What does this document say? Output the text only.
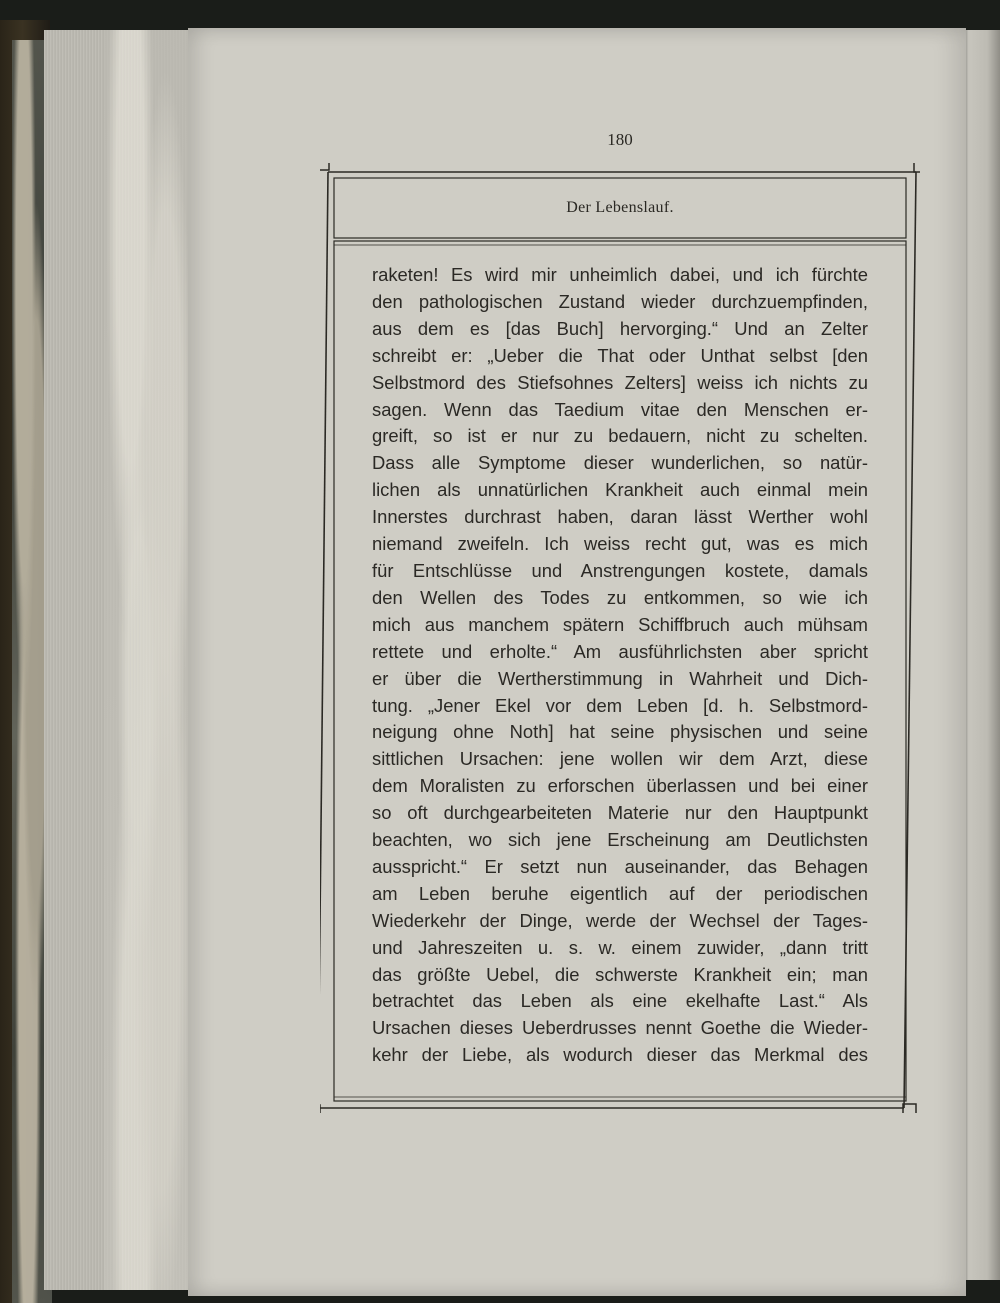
180
Der Lebenslauf.
raketen! Es wird mir unheimlich dabei, und ich fürchte
den pathologischen Zustand wieder durchzuempfinden,
aus dem es [das Buch] hervorging.“ Und an Zelter
schreibt er: „Ueber die That oder Unthat selbst [den
Selbstmord des Stiefsohnes Zelters] weiss ich nichts zu
sagen. Wenn das Taedium vitae den Menschen er-
greift, so ist er nur zu bedauern, nicht zu schelten.
Dass alle Symptome dieser wunderlichen, so natür-
lichen als unnatürlichen Krankheit auch einmal mein
Innerstes durchrast haben, daran lässt Werther wohl
niemand zweifeln. Ich weiss recht gut, was es mich
für Entschlüsse und Anstrengungen kostete, damals
den Wellen des Todes zu entkommen, so wie ich
mich aus manchem spätern Schiffbruch auch mühsam
rettete und erholte.“ Am ausführlichsten aber spricht
er über die Wertherstimmung in Wahrheit und Dich-
tung. „Jener Ekel vor dem Leben [d. h. Selbstmord-
neigung ohne Noth] hat seine physischen und seine
sittlichen Ursachen: jene wollen wir dem Arzt, diese
dem Moralisten zu erforschen überlassen und bei einer
so oft durchgearbeiteten Materie nur den Hauptpunkt
beachten, wo sich jene Erscheinung am Deutlichsten
ausspricht.“ Er setzt nun auseinander, das Behagen
am Leben beruhe eigentlich auf der periodischen
Wiederkehr der Dinge, werde der Wechsel der Tages-
und Jahreszeiten u. s. w. einem zuwider, „dann tritt
das größte Uebel, die schwerste Krankheit ein; man
betrachtet das Leben als eine ekelhafte Last.“ Als
Ursachen dieses Ueberdrusses nennt Goethe die Wieder-
kehr der Liebe, als wodurch dieser das Merkmal des
